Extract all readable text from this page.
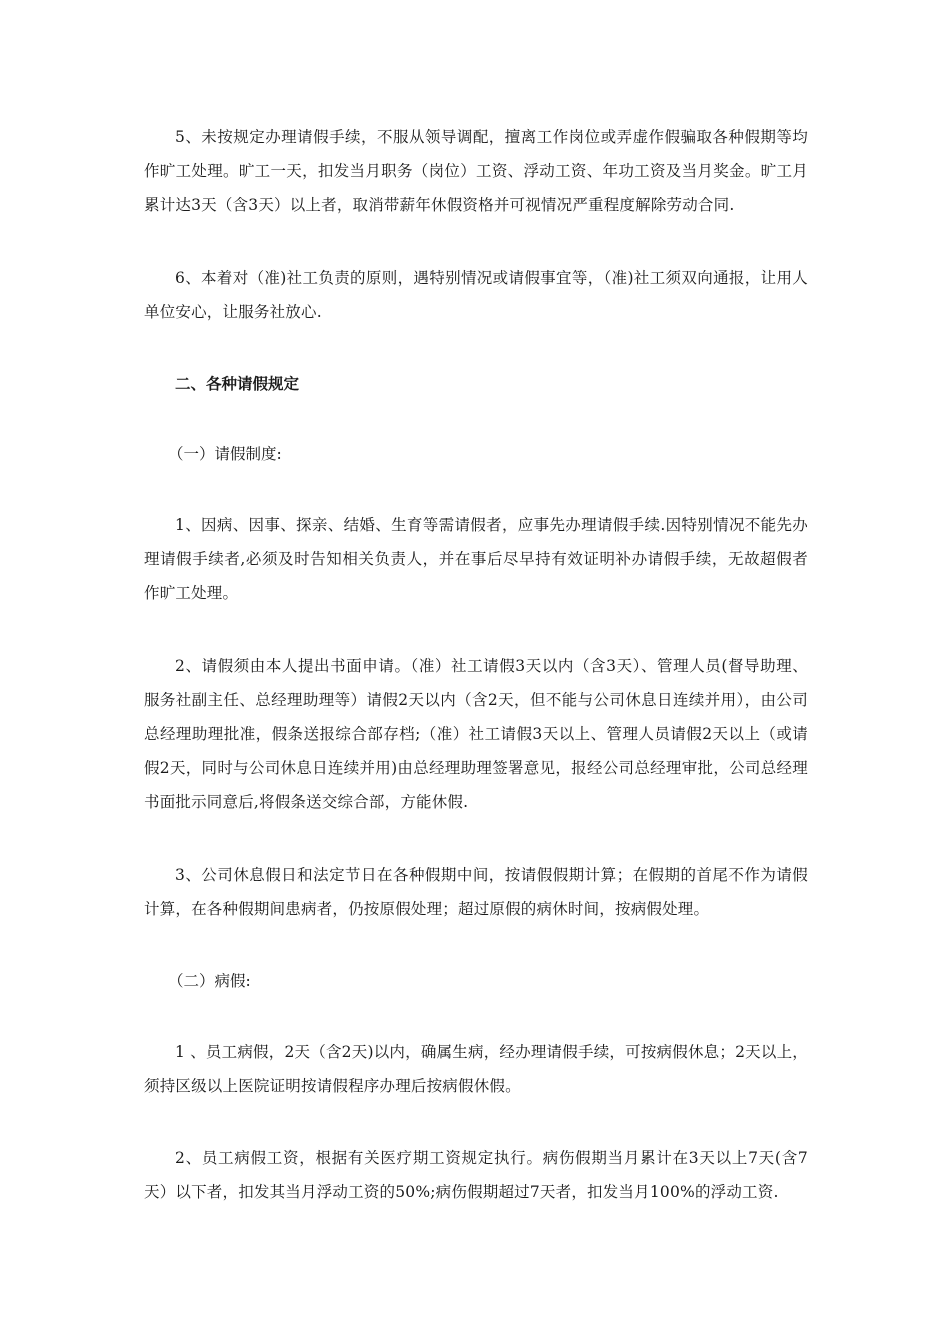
5、未按规定办理请假手续，不服从领导调配，擅离工作岗位或弄虚作假骗取各种假期等均作旷工处理。旷工一天，扣发当月职务（岗位）工资、浮动工资、年功工资及当月奖金。旷工月累计达3天（含3天）以上者，取消带薪年休假资格并可视情况严重程度解除劳动合同.

6、本着对（准)社工负责的原则，遇特别情况或请假事宜等，（准)社工须双向通报，让用人单位安心，让服务社放心.

二、各种请假规定

（一）请假制度:

1、因病、因事、探亲、结婚、生育等需请假者，应事先办理请假手续.因特别情况不能先办理请假手续者,必须及时告知相关负责人，并在事后尽早持有效证明补办请假手续，无故超假者作旷工处理。

2、请假须由本人提出书面申请。（准）社工请假3天以内（含3天）、管理人员(督导助理、服务社副主任、总经理助理等）请假2天以内（含2天，但不能与公司休息日连续并用），由公司总经理助理批准，假条送报综合部存档;（准）社工请假3天以上、管理人员请假2天以上（或请假2天，同时与公司休息日连续并用)由总经理助理签署意见，报经公司总经理审批，公司总经理书面批示同意后,将假条送交综合部，方能休假.

3、公司休息假日和法定节日在各种假期中间，按请假假期计算；在假期的首尾不作为请假计算，在各种假期间患病者，仍按原假处理；超过原假的病休时间，按病假处理。

（二）病假:

1 、员工病假，2天（含2天)以内，确属生病，经办理请假手续，可按病假休息；2天以上，须持区级以上医院证明按请假程序办理后按病假休假。

2、员工病假工资，根据有关医疗期工资规定执行。病伤假期当月累计在3天以上7天(含7天）以下者，扣发其当月浮动工资的50%;病伤假期超过7天者，扣发当月100%的浮动工资.
